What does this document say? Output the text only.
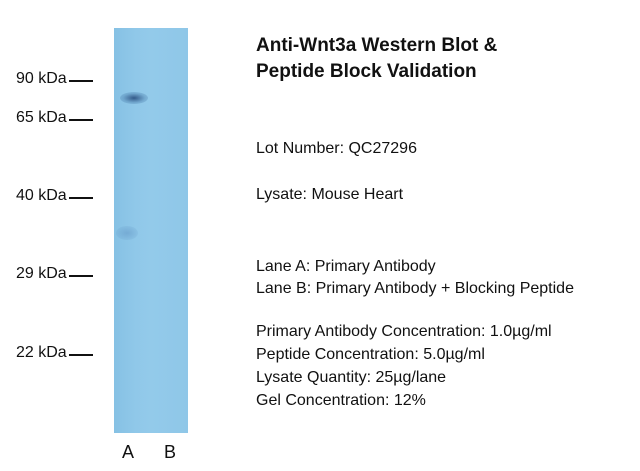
90 kDa
65 kDa
40 kDa
29 kDa
22 kDa
A B
Anti-Wnt3a Western Blot &
Peptide Block Validation
Lot Number: QC27296
Lysate: Mouse Heart
Lane A: Primary Antibody
Lane B: Primary Antibody + Blocking Peptide
Primary Antibody Concentration: 1.0µg/ml
Peptide Concentration: 5.0µg/ml
Lysate Quantity: 25µg/lane
Gel Concentration: 12%
